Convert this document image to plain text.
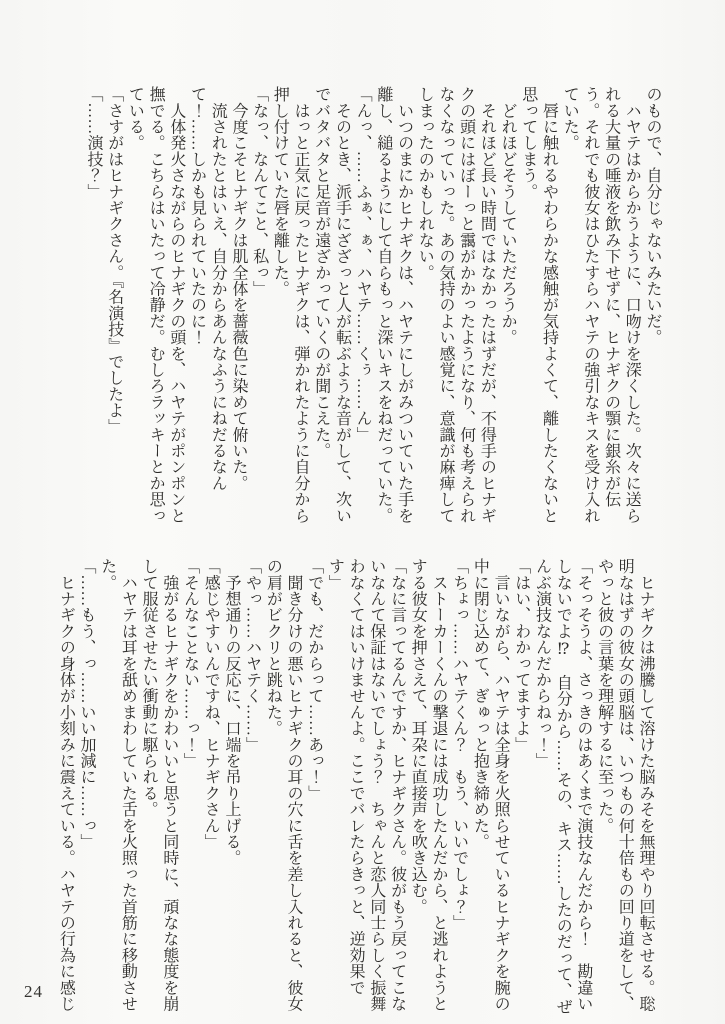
のもので、自分じゃないみたいだ。

　ハヤテはからかうように、口吻けを深くした。次々に送られる大量の唾液を飲み下せずに、ヒナギクの顎に銀糸が伝う。それでも彼女はひたすらハヤテの強引なキスを受け入れていた。

　唇に触れるやわらかな感触が気持よくて、離したくないと思ってしまう。

　どれほどそうしていただろうか。

　それほど長い時間ではなかったはずだが、不得手のヒナギクの頭にはぼーっと靄がかかったようになり、何も考えられなくなっていった。あの気持のよい感覚に、意識が麻痺してしまったのかもしれない。

　いつのまにかヒナギクは、ハヤテにしがみついていた手を離し、縋るようにして自らもっと深いキスをねだっていた。

「んっ、……ふぁ、ぁ、ハヤテ……くぅ……ん」

　そのとき、派手にざざっと人が転ぶような音がして、次いでバタバタと足音が遠ざかっていくのが聞こえた。

　はっと正気に戻ったヒナギクは、弾かれたように自分から押し付けていた唇を離した。

「なっ、なんてこと、私っ」

　今度こそヒナギクは肌全体を薔薇色に染めて俯いた。

　流されたとはいえ、自分からあんなふうにねだるなんて！……しかも見られていたのに！

　人体発火さながらのヒナギクの頭を、ハヤテがポンポンと撫でる。こちらはいたって冷静だ。むしろラッキーとか思っている。

「さすがはヒナギクさん。『名演技』でしたよ」

「……演技？」

　ヒナギクは沸騰して溶けた脳みそを無理やり回転させる。聡明なはずの彼女の頭脳は、いつもの何十倍もの回り道をして、やっと彼の言葉を理解するに至った。

「そっそうよ、さっきのはあくまで演技なんだから！　勘違いしないでよ⁉　自分から……その、キス……したのだって、ぜんぶ演技なんだからねっ！」

「はい、わかってますよ」

　言いながら、ハヤテは全身を火照らせているヒナギクを腕の中に閉じ込めて、ぎゅっと抱き締めた。

「ちょっ……ハヤテくん？　もう、いいでしょ？」

　ストーカーくんの撃退には成功したんだから、と逃れようとする彼女を押さえて、耳朶に直接声を吹き込む。

「なに言ってるんですか、ヒナギクさん。彼がもう戻ってこないなんて保証はないでしょう？　ちゃんと恋人同士らしく振舞わなくてはいけませんよ。ここでバレたらきっと、逆効果です」

「でも、だからって……あっ！」

　聞き分けの悪いヒナギクの耳の穴に舌を差し入れると、彼女の肩がビクリと跳ねた。

「やっ……ハヤテく……」

　予想通りの反応に、口端を吊り上げる。

「感じやすいんですね、ヒナギクさん」

「そんなことない……っ！」

　強がるヒナギクをかわいいと思うと同時に、頑なな態度を崩して服従させたい衝動に駆られる。

　ハヤテは耳を舐めまわしていた舌を火照った首筋に移動させた。

「……もう、っ……いい加減に……っ」

　ヒナギクの身体が小刻みに震えている。ハヤテの行為に感じ

24
